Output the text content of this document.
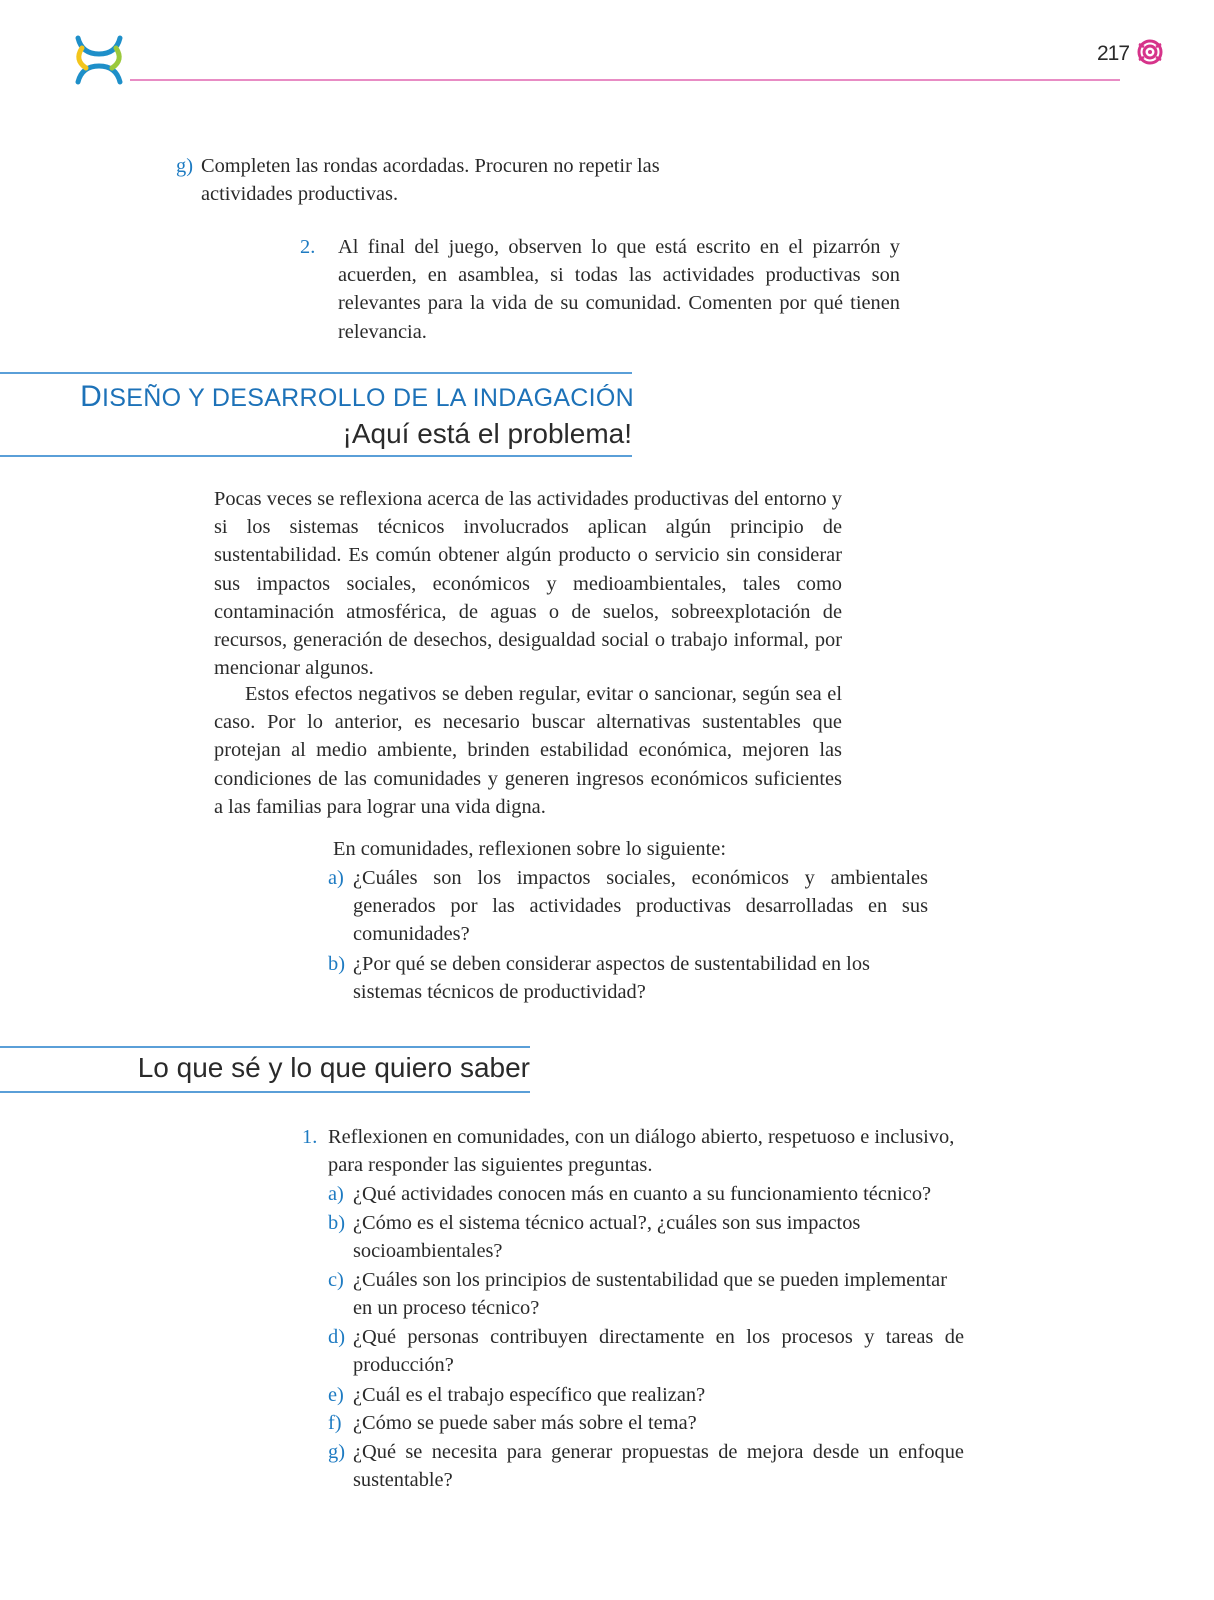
217
g) Completen las rondas acordadas. Procuren no repetir las actividades productivas.
2. Al final del juego, observen lo que está escrito en el pizarrón y acuerden, en asamblea, si todas las actividades productivas son relevantes para la vida de su comunidad. Comenten por qué tienen relevancia.
DISEÑO Y DESARROLLO DE LA INDAGACIÓN
¡Aquí está el problema!
Pocas veces se reflexiona acerca de las actividades productivas del entorno y si los sistemas técnicos involucrados aplican algún principio de sustentabilidad. Es común obtener algún producto o servicio sin considerar sus impactos sociales, económicos y medioambientales, tales como contaminación atmosférica, de aguas o de suelos, sobreexplotación de recursos, generación de desechos, desigualdad social o trabajo informal, por mencionar algunos.
Estos efectos negativos se deben regular, evitar o sancionar, según sea el caso. Por lo anterior, es necesario buscar alternativas sustentables que protejan al medio ambiente, brinden estabilidad económica, mejoren las condiciones de las comunidades y generen ingresos económicos suficientes a las familias para lograr una vida digna.
En comunidades, reflexionen sobre lo siguiente:
a) ¿Cuáles son los impactos sociales, económicos y ambientales generados por las actividades productivas desarrolladas en sus comunidades?
b) ¿Por qué se deben considerar aspectos de sustentabilidad en los sistemas técnicos de productividad?
Lo que sé y lo que quiero saber
1. Reflexionen en comunidades, con un diálogo abierto, respetuoso e inclusivo, para responder las siguientes preguntas.
a) ¿Qué actividades conocen más en cuanto a su funcionamiento técnico?
b) ¿Cómo es el sistema técnico actual?, ¿cuáles son sus impactos socioambientales?
c) ¿Cuáles son los principios de sustentabilidad que se pueden implementar en un proceso técnico?
d) ¿Qué personas contribuyen directamente en los procesos y tareas de producción?
e) ¿Cuál es el trabajo específico que realizan?
f) ¿Cómo se puede saber más sobre el tema?
g) ¿Qué se necesita para generar propuestas de mejora desde un enfoque sustentable?
